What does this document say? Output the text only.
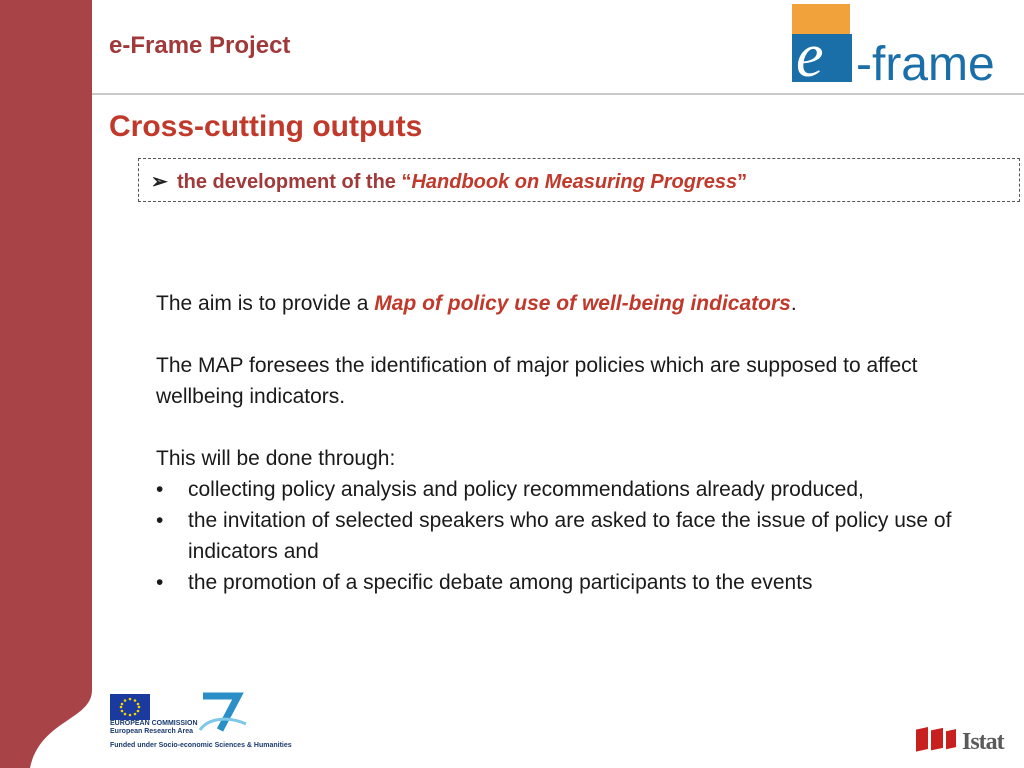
e-Frame Project	e -frame
Cross-cutting outputs
➢ the development of the “Handbook on Measuring Progress”

The aim is to provide a Map of policy use of well-being indicators.

The MAP foresees the identification of major policies which are supposed to affect wellbeing indicators.

This will be done through:

• collecting policy analysis and policy recommendations already produced,
• the invitation of selected speakers who are asked to face the issue of policy use of indicators and
• the promotion of a specific debate among participants to the events
EUROPEAN COMMISSION
European Research Area
Funded under Socio-economic Sciences & Humanities	Istat
